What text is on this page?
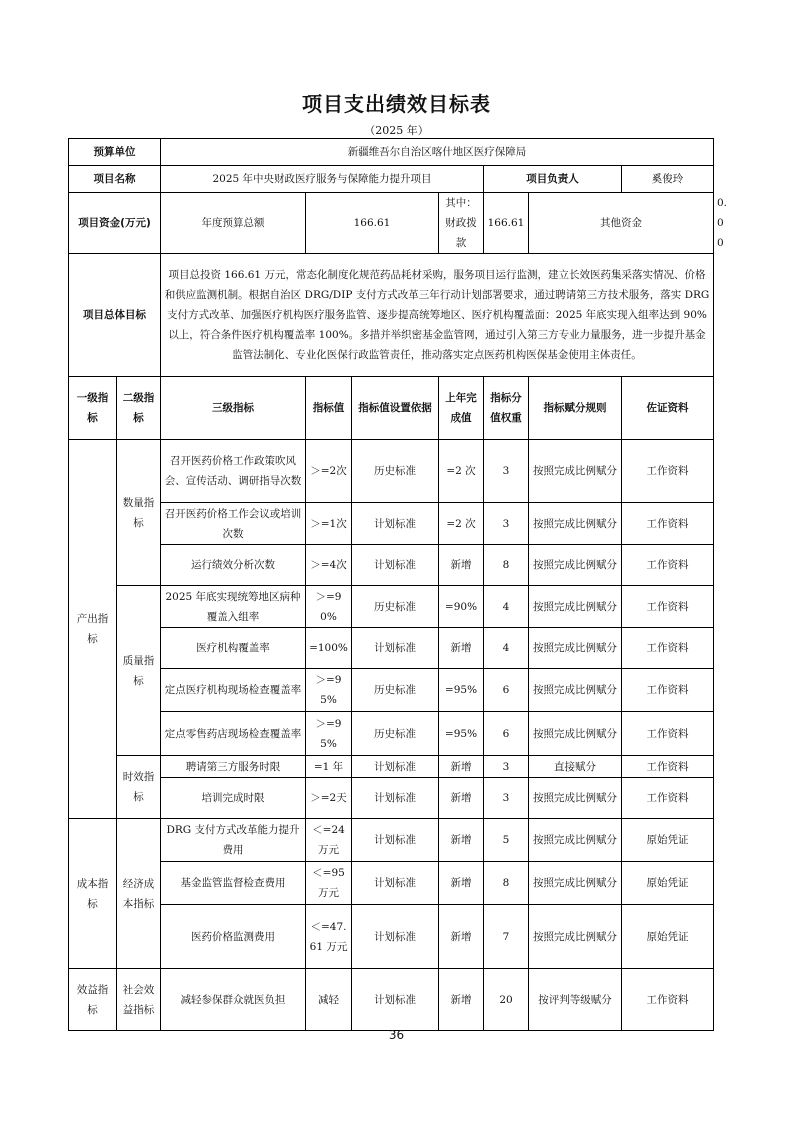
项目支出绩效目标表
（2025 年）
预算单位		新疆维吾尔自治区喀什地区医疗保障局							
项目名称		2025 年中央财政医疗服务与保障能力提升项目				项目负责人		奚俊玲	
项目资金(万元)		年度预算总额	166.61		其中：财政拨款	166.61	其他资金		0.00
项目总体目标		项目总投资 166.61 万元，常态化制度化规范药品耗材采购，服务项目运行监测，建立长效医药集采落实情况、价格和供应监测机制。根据自治区 DRG/DIP 支付方式改革三年行动计划部署要求，通过聘请第三方技术服务，落实 DRG 支付方式改革、加强医疗机构医疗服务监管、逐步提高统筹地区、医疗机构覆盖面：2025 年底实现入组率达到 90%以上，符合条件医疗机构覆盖率 100%。多措并举织密基金监管网，通过引入第三方专业力量服务，进一步提升基金监管法制化、专业化医保行政监管责任，推动落实定点医药机构医保基金使用主体责任。							
一级指标	二级指标	三级指标	指标值	指标值设置依据	上年完成值	指标分值权重	指标赋分规则	佐证资料	
产出指标	数量指标	召开医药价格工作政策吹风会、宣传活动、调研指导次数	＞=2次	历史标准	=2 次	3	按照完成比例赋分	工作资料	
		召开医药价格工作会议或培训次数	＞=1次	计划标准	=2 次	3	按照完成比例赋分	工作资料	
		运行绩效分析次数	＞=4次	计划标准	新增	8	按照完成比例赋分	工作资料	
	质量指标	2025 年底实现统筹地区病种覆盖入组率	＞=90%	历史标准	=90%	4	按照完成比例赋分	工作资料	
		医疗机构覆盖率	=100%	计划标准	新增	4	按照完成比例赋分	工作资料	
		定点医疗机构现场检查覆盖率	＞=95%	历史标准	=95%	6	按照完成比例赋分	工作资料	
		定点零售药店现场检查覆盖率	＞=95%	历史标准	=95%	6	按照完成比例赋分	工作资料	
	时效指标	聘请第三方服务时限	=1 年	计划标准	新增	3	直接赋分	工作资料	
		培训完成时限	＞=2天	计划标准	新增	3	按照完成比例赋分	工作资料	
成本指标	经济成本指标	DRG 支付方式改革能力提升费用	＜=24万元	计划标准	新增	5	按照完成比例赋分	原始凭证	
		基金监管监督检查费用	＜=95万元	计划标准	新增	8	按照完成比例赋分	原始凭证	
		医药价格监测费用	＜=47.61 万元	计划标准	新增	7	按照完成比例赋分	原始凭证	
效益指标	社会效益指标	减轻参保群众就医负担	减轻	计划标准	新增	20	按评判等级赋分	工作资料	
36
